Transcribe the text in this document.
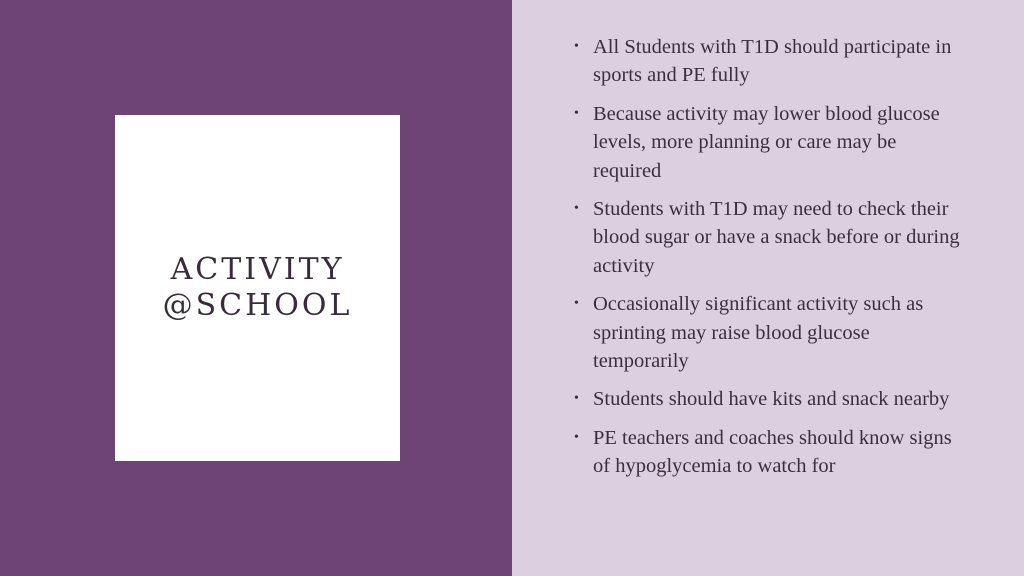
ACTIVITY
@SCHOOL
• All Students with T1D should participate in sports and PE fully
• Because activity may lower blood glucose levels, more planning or care may be required
• Students with T1D may need to check their blood sugar or have a snack before or during activity
• Occasionally significant activity such as sprinting may raise blood glucose temporarily
• Students should have kits and snack nearby
• PE teachers and coaches should know signs of hypoglycemia to watch for
